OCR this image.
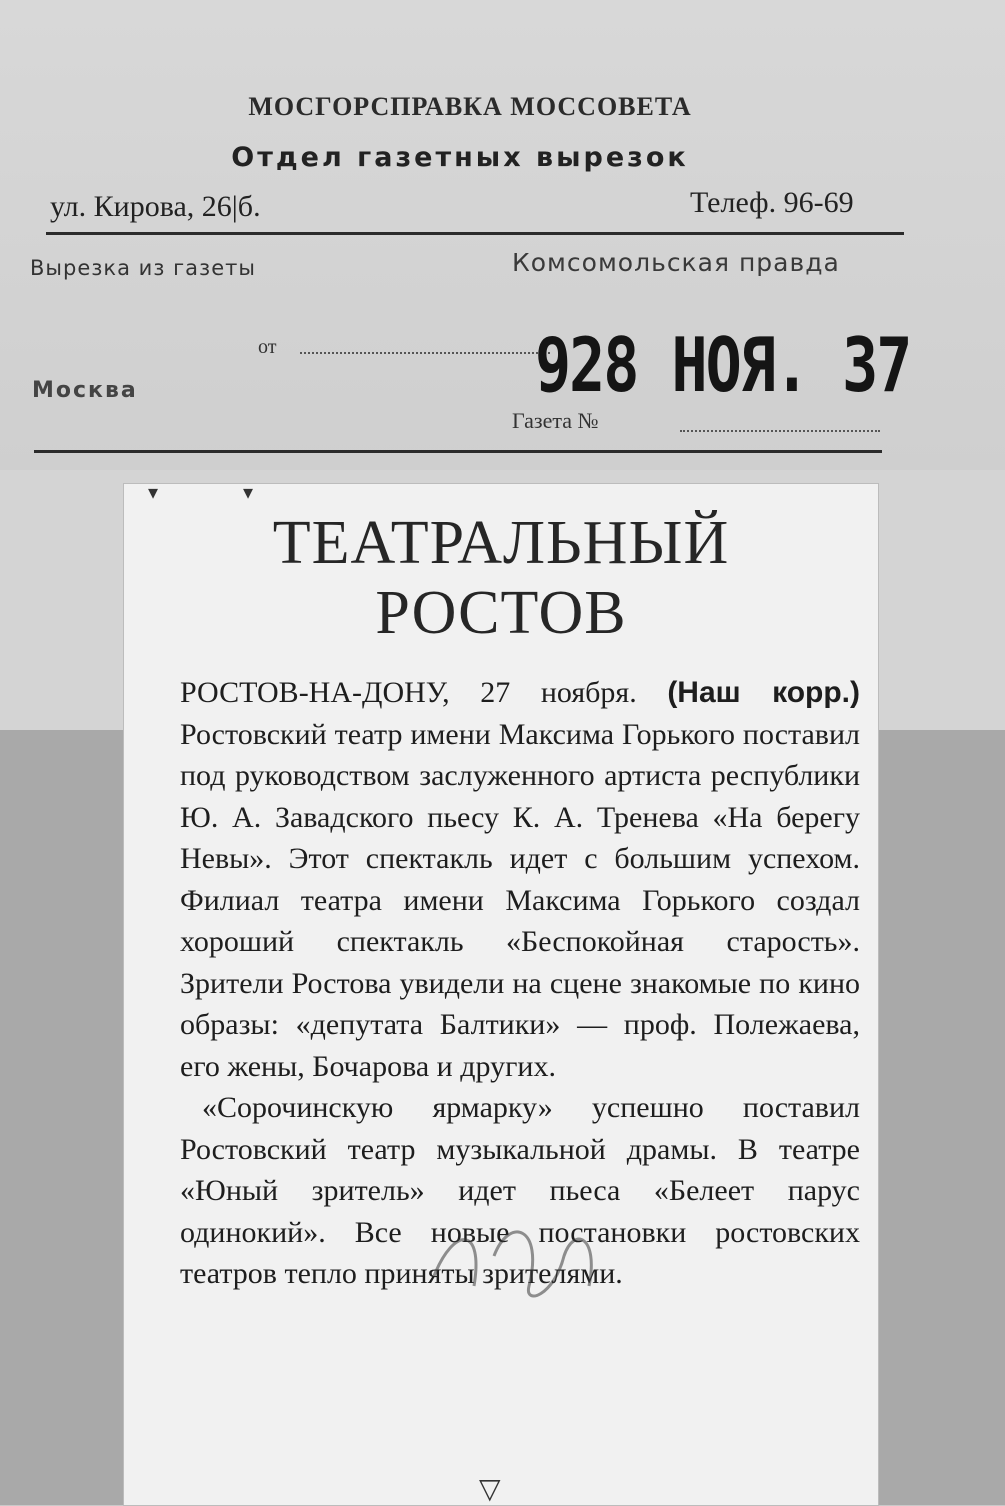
МОСГОРСПРАВКА МОССОВЕТА
Отдел газетных вырезок
ул. Кирова, 26|б.	Телеф. 96-69
Вырезка из газеты	Комсомольская правда
от	928 НОЯ. 37
Москва
Газета №
▾ ▾
ТЕАТРАЛЬНЫЙ
РОСТОВ

РОСТОВ-НА-ДОНУ, 27 ноября. (Наш корр.) Ростовский театр имени Максима Горького поставил под руководством заслуженного артиста республики Ю. А. Завадского пьесу К. А. Тренева «На берегу Невы». Этот спектакль идет с большим успехом. Филиал театра имени Максима Горького создал хороший спектакль «Беспокойная старость». Зрители Ростова увидели на сцене знакомые по кино образы: «депутата Балтики» — проф. Полежаева, его жены, Бочарова и других.

«Сорочинскую ярмарку» успешно поставил Ростовский театр музыкальной драмы. В театре «Юный зритель» идет пьеса «Белеет парус одинокий». Все новые постановки ростовских театров тепло приняты зрителями.

▽
